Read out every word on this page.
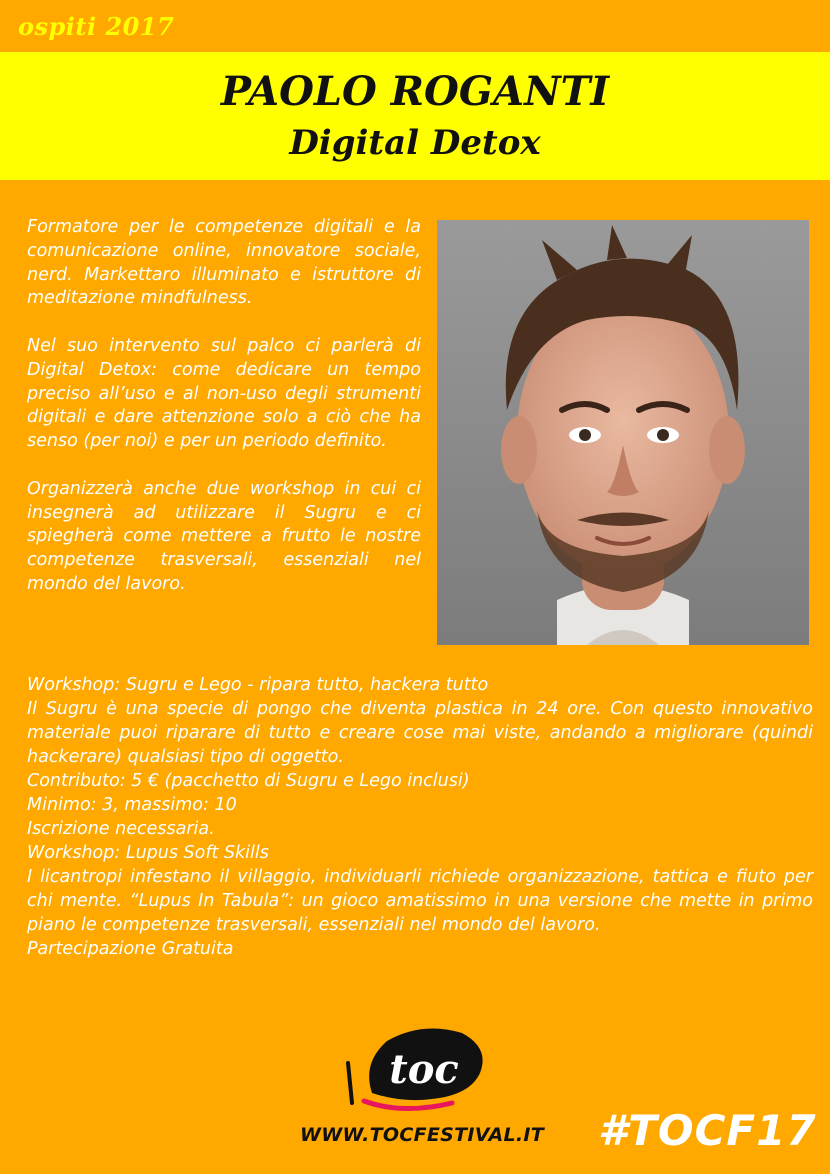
ospiti 2017
PAOLO ROGANTI
Digital Detox

Formatore per le competenze digitali e la comunicazione online, innovatore sociale, nerd. Markettaro illuminato e istruttore di meditazione mindfulness.

Nel suo intervento sul palco ci parlerà di Digital Detox: come dedicare un tempo preciso all’uso e al non-uso degli strumenti digitali e dare attenzione solo a ciò che ha senso (per noi) e per un periodo definito.

Organizzerà anche due workshop in cui ci insegnerà ad utilizzare il Sugru e ci spiegherà come mettere a frutto le nostre competenze trasversali, essenziali nel mondo del lavoro.

Workshop: Sugru e Lego - ripara tutto, hackera tutto
Il Sugru è una specie di pongo che diventa plastica in 24 ore. Con questo innovativo materiale puoi riparare di tutto e creare cose mai viste, andando a migliorare (quindi hackerare) qualsiasi tipo di oggetto.
Contributo: 5 € (pacchetto di Sugru e Lego inclusi)
Minimo: 3, massimo: 10
Iscrizione necessaria.
Workshop: Lupus Soft Skills
I licantropi infestano il villaggio, individuarli richiede organizzazione, tattica e fiuto per chi mente. “Lupus In Tabula”: un gioco amatissimo in una versione che mette in primo piano le competenze trasversali, essenziali nel mondo del lavoro.
Partecipazione Gratuita
toc
WWW.TOCFESTIVAL.IT #TOCF17
